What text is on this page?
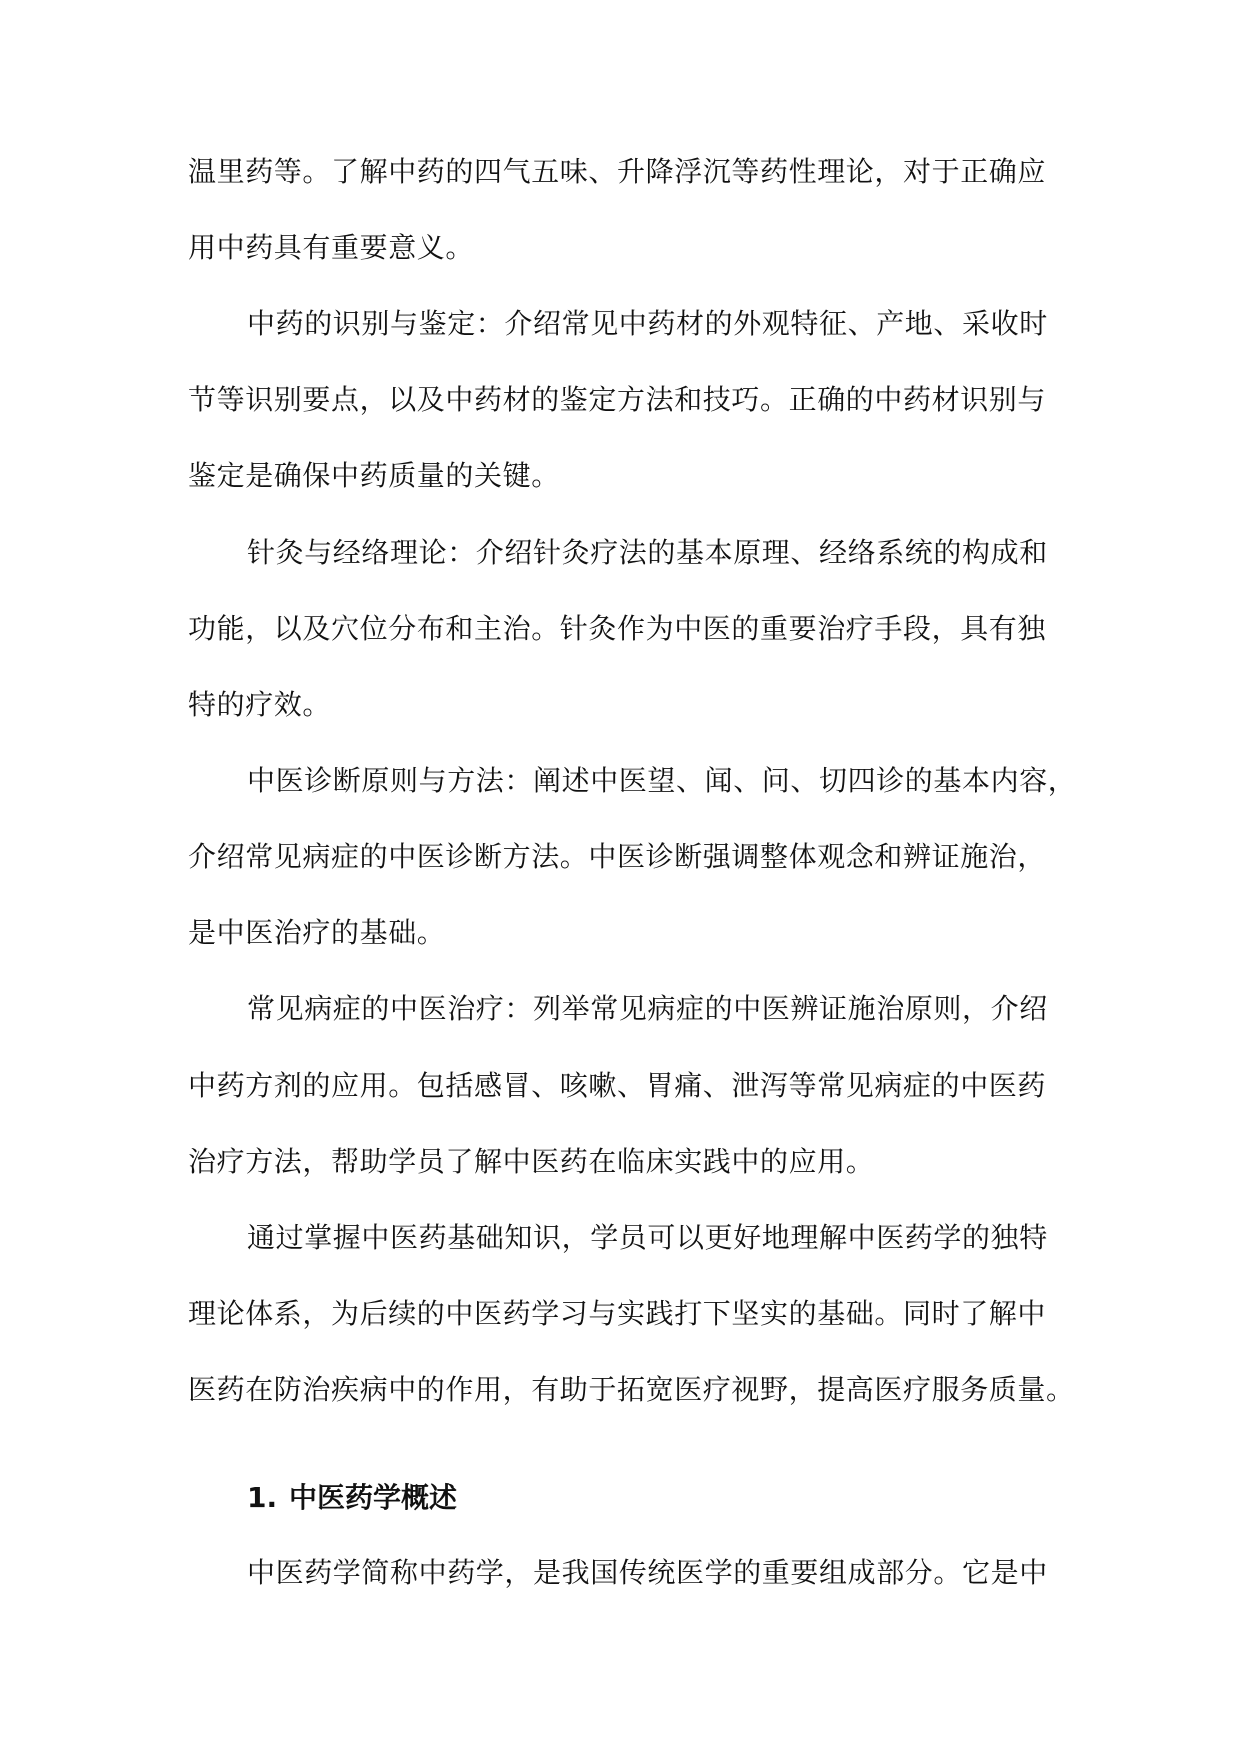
温里药等。了解中药的四气五味、升降浮沉等药性理论，对于正确应

用中药具有重要意义。

中药的识别与鉴定：介绍常见中药材的外观特征、产地、采收时

节等识别要点，以及中药材的鉴定方法和技巧。正确的中药材识别与

鉴定是确保中药质量的关键。

针灸与经络理论：介绍针灸疗法的基本原理、经络系统的构成和

功能，以及穴位分布和主治。针灸作为中医的重要治疗手段，具有独

特的疗效。

中医诊断原则与方法：阐述中医望、闻、问、切四诊的基本内容，

介绍常见病症的中医诊断方法。中医诊断强调整体观念和辨证施治，

是中医治疗的基础。

常见病症的中医治疗：列举常见病症的中医辨证施治原则，介绍

中药方剂的应用。包括感冒、咳嗽、胃痛、泄泻等常见病症的中医药

治疗方法，帮助学员了解中医药在临床实践中的应用。

通过掌握中医药基础知识，学员可以更好地理解中医药学的独特

理论体系，为后续的中医药学习与实践打下坚实的基础。同时了解中

医药在防治疾病中的作用，有助于拓宽医疗视野，提高医疗服务质量。

1. 中医药学概述

中医药学简称中药学，是我国传统医学的重要组成部分。它是中
